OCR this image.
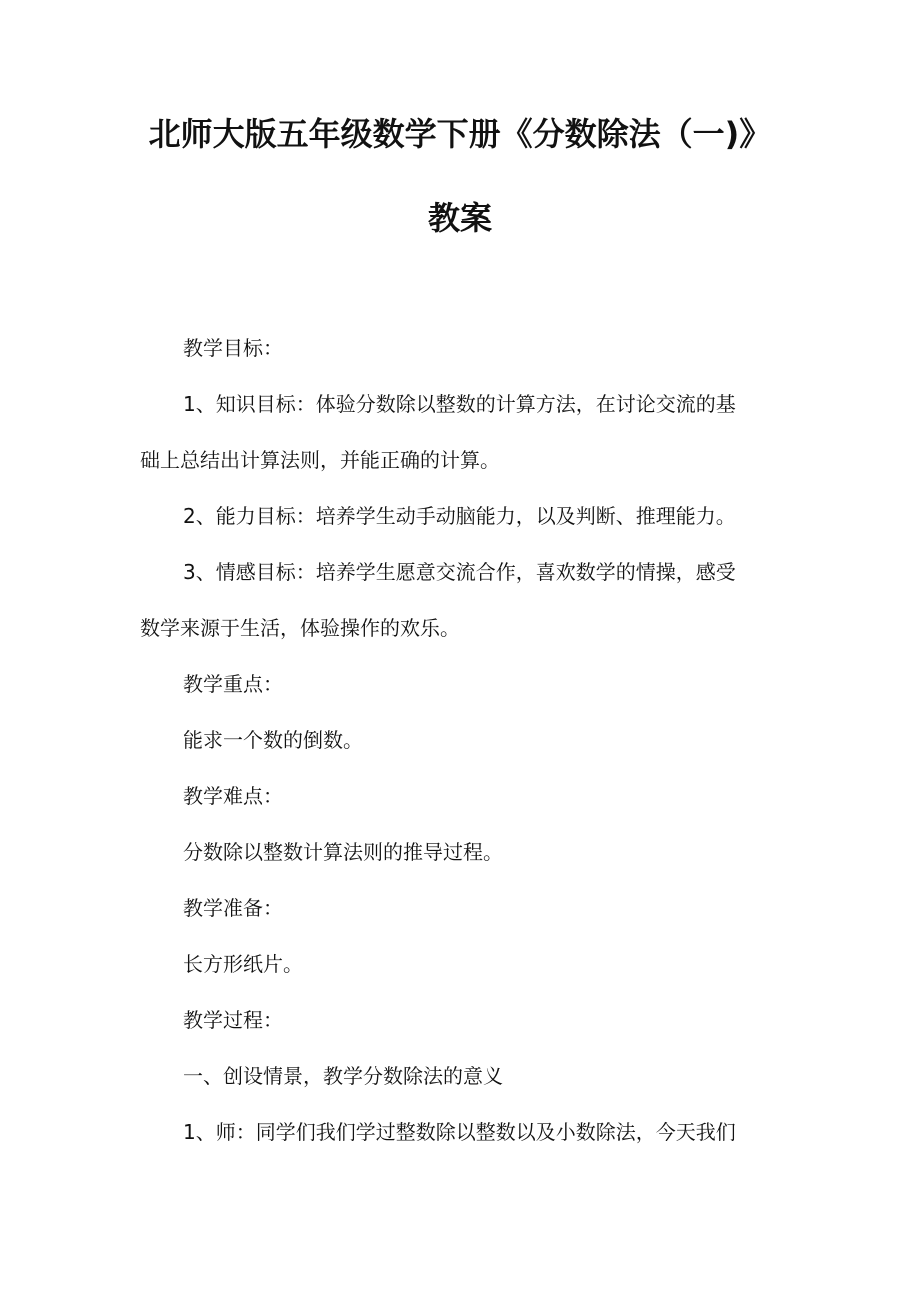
北师大版五年级数学下册《分数除法（一)》
教案
教学目标：
1、知识目标：体验分数除以整数的计算方法，在讨论交流的基
础上总结出计算法则，并能正确的计算。
2、能力目标：培养学生动手动脑能力，以及判断、推理能力。
3、情感目标：培养学生愿意交流合作，喜欢数学的情操，感受
数学来源于生活，体验操作的欢乐。
教学重点：
能求一个数的倒数。
教学难点：
分数除以整数计算法则的推导过程。
教学准备：
长方形纸片。
教学过程：
一、创设情景，教学分数除法的意义
1、师：同学们我们学过整数除以整数以及小数除法，今天我们
